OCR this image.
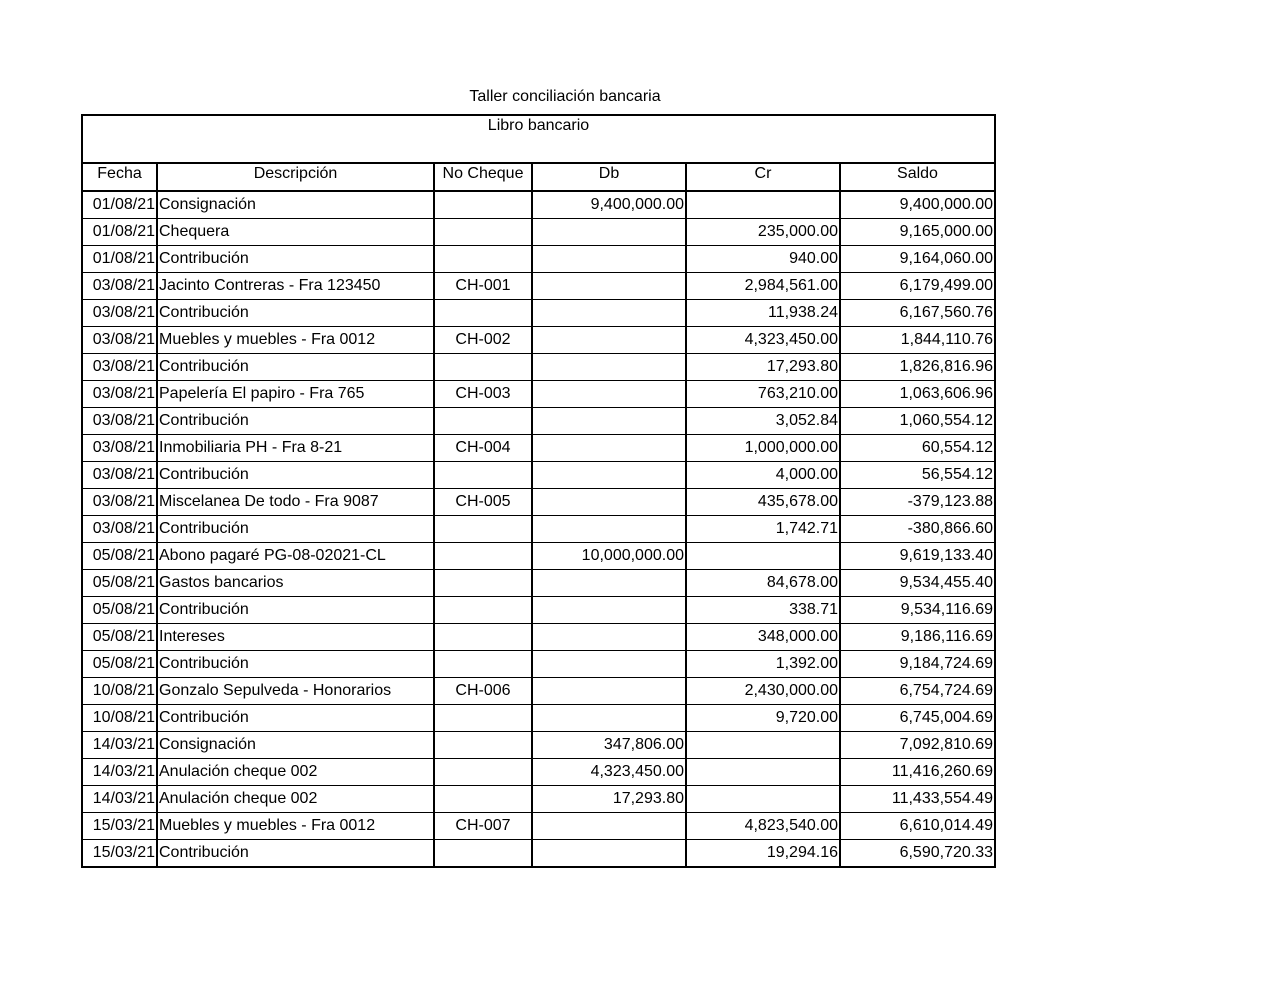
Taller conciliación bancaria
Libro bancario					
Fecha	Descripción	No Cheque	Db	Cr	Saldo
01/08/21	Consignación		9,400,000.00		9,400,000.00
01/08/21	Chequera			235,000.00	9,165,000.00
01/08/21	Contribución			940.00	9,164,060.00
03/08/21	Jacinto Contreras - Fra 123450	CH-001		2,984,561.00	6,179,499.00
03/08/21	Contribución			11,938.24	6,167,560.76
03/08/21	Muebles y muebles - Fra 0012	CH-002		4,323,450.00	1,844,110.76
03/08/21	Contribución			17,293.80	1,826,816.96
03/08/21	Papelería El papiro - Fra 765	CH-003		763,210.00	1,063,606.96
03/08/21	Contribución			3,052.84	1,060,554.12
03/08/21	Inmobiliaria PH - Fra 8-21	CH-004		1,000,000.00	60,554.12
03/08/21	Contribución			4,000.00	56,554.12
03/08/21	Miscelanea De todo - Fra 9087	CH-005		435,678.00	-379,123.88
03/08/21	Contribución			1,742.71	-380,866.60
05/08/21	Abono pagaré PG-08-02021-CL		10,000,000.00		9,619,133.40
05/08/21	Gastos bancarios			84,678.00	9,534,455.40
05/08/21	Contribución			338.71	9,534,116.69
05/08/21	Intereses			348,000.00	9,186,116.69
05/08/21	Contribución			1,392.00	9,184,724.69
10/08/21	Gonzalo Sepulveda - Honorarios	CH-006		2,430,000.00	6,754,724.69
10/08/21	Contribución			9,720.00	6,745,004.69
14/03/21	Consignación		347,806.00		7,092,810.69
14/03/21	Anulación cheque 002		4,323,450.00		11,416,260.69
14/03/21	Anulación cheque 002		17,293.80		11,433,554.49
15/03/21	Muebles y muebles - Fra 0012	CH-007		4,823,540.00	6,610,014.49
15/03/21	Contribución			19,294.16	6,590,720.33
